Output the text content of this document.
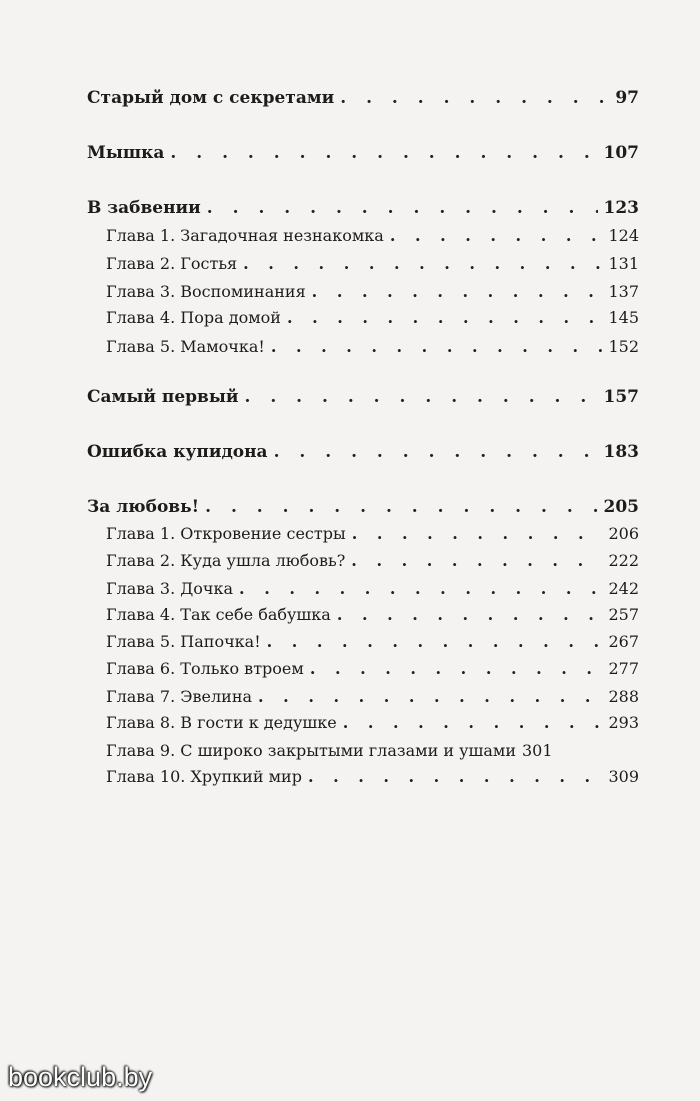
Старый дом с секретами . . .	97
Мышка . . .	107
В забвении . . .	123
Глава 1. Загадочная незнакомка . . .	124
Глава 2. Гостья . . .	131
Глава 3. Воспоминания . . .	137
Глава 4. Пора домой . . .	145
Глава 5. Мамочка! . . .	152
Самый первый . . .	157
Ошибка купидона . . .	183
За любовь! . . .	205
Глава 1. Откровение сестры . . .	206
Глава 2. Куда ушла любовь? . . .	222
Глава 3. Дочка . . .	242
Глава 4. Так себе бабушка . . .	257
Глава 5. Папочка! . . .	267
Глава 6. Только втроем . . .	277
Глава 7. Эвелина . . .	288
Глава 8. В гости к дедушке . . .	293
Глава 9. С широко закрытыми глазами и ушами 301
Глава 10. Хрупкий мир . . .	309
bookclub.by
